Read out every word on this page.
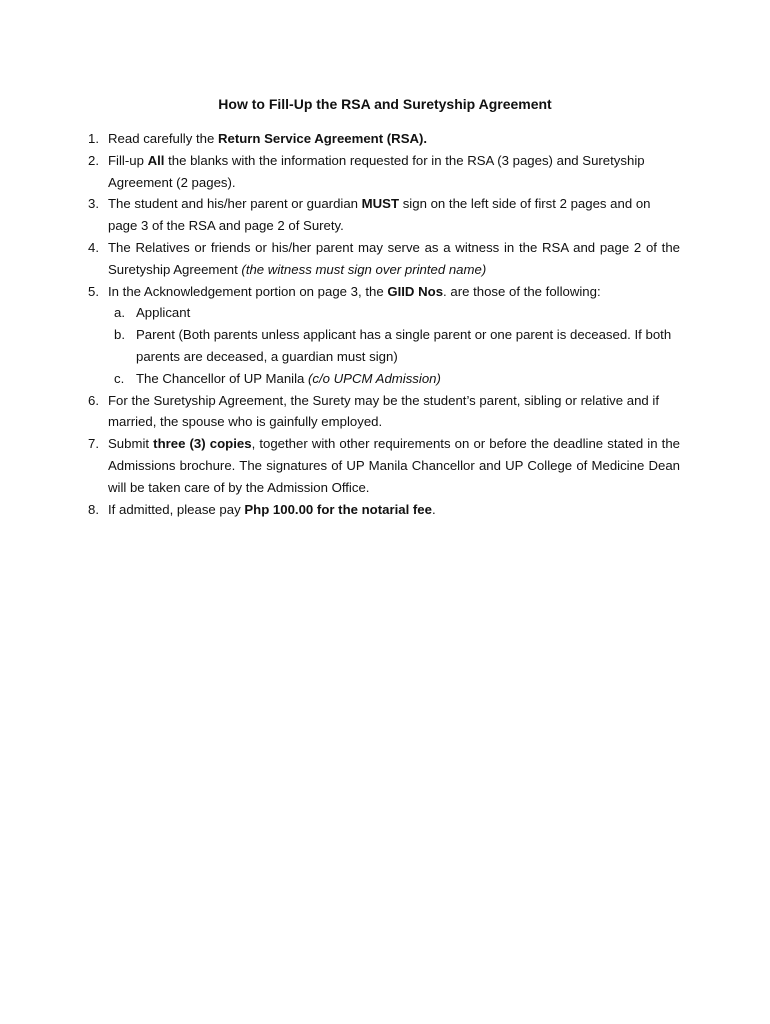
How to Fill-Up the RSA and Suretyship Agreement
1. Read carefully the Return Service Agreement (RSA).
2. Fill-up All the blanks with the information requested for in the RSA (3 pages) and Suretyship Agreement (2 pages).
3. The student and his/her parent or guardian MUST sign on the left side of first 2 pages and on page 3 of the RSA and page 2 of Surety.
4. The Relatives or friends or his/her parent may serve as a witness in the RSA and page 2 of the Suretyship Agreement (the witness must sign over printed name)
5. In the Acknowledgement portion on page 3, the GIID Nos. are those of the following:
a. Applicant
b. Parent (Both parents unless applicant has a single parent or one parent is deceased. If both parents are deceased, a guardian must sign)
c. The Chancellor of UP Manila (c/o UPCM Admission)
6. For the Suretyship Agreement, the Surety may be the student’s parent, sibling or relative and if married, the spouse who is gainfully employed.
7. Submit three (3) copies, together with other requirements on or before the deadline stated in the Admissions brochure. The signatures of UP Manila Chancellor and UP College of Medicine Dean will be taken care of by the Admission Office.
8. If admitted, please pay Php 100.00 for the notarial fee.
